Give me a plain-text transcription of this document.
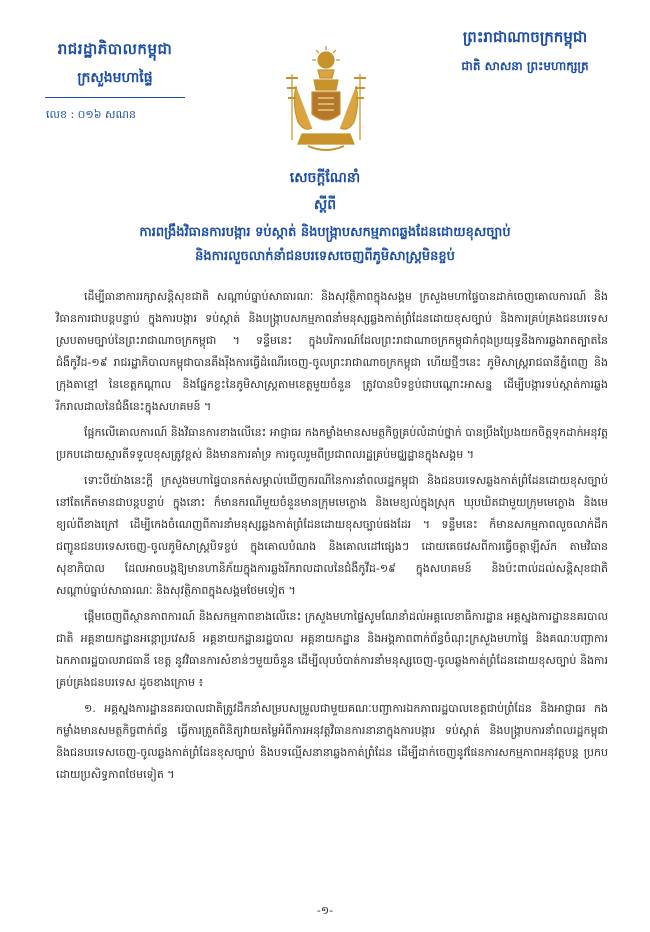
រាជរដ្ឋាភិបាលកម្ពុជា
ក្រសួងមហាផ្ទៃ
លេខ : ០១៦ សណន
ព្រះរាជាណាចក្រកម្ពុជា
ជាតិ សាសនា ព្រះមហាក្សត្រ
សេចក្តីណែនាំ
ស្តីពី
ការពង្រឹងវិធានការបង្ការ ទប់ស្កាត់ និងបង្ក្រាបសកម្មភាពឆ្លងដែនដោយខុសច្បាប់
និងការលួចលាក់នាំជនបរទេសចេញពីភូមិសាស្ត្រមិនខ្ចប់

ដើម្បីធានាការរក្សាសន្តិសុខជាតិ សណ្តាប់ធ្នាប់សាធារណៈ និងសុវត្ថិភាពក្នុងសង្គម ក្រសួងមហាផ្ទៃបានដាក់ចេញគោលការណ៍ និងវិធានការជាបន្តបន្ទាប់ ក្នុងការបង្ការ ទប់ស្កាត់ និងបង្ក្រាបសកម្មភាពនាំមនុស្សឆ្លងកាត់ព្រំដែនដោយខុសច្បាប់ និងការគ្រប់គ្រងជនបរទេស ស្របតាមច្បាប់នៃព្រះរាជាណាចក្រកម្ពុជា ។ ទន្ទឹមនេះ ក្នុងបរិការណ៍ដែលព្រះរាជាណាចក្រកម្ពុជាកំពុងប្រយុទ្ធនឹងការឆ្លងរាតត្បាតនៃជំងឺកូវីដ-១៩ រាជរដ្ឋាភិបាលកម្ពុជាបានតឹងរ៉ឹងការធ្វើដំណើរចេញ-ចូលព្រះរាជាណាចក្រកម្ពុជា ហើយថ្មីៗនេះ ភូមិសាស្ត្ររាជធានីភ្នំពេញ និងក្រុងតាខ្មៅ នៃខេត្តកណ្តាល និងផ្នែកខ្លះនៃភូមិសាស្ត្រតាមខេត្តមួយចំនួន ត្រូវបានបិទខ្ចប់ជាបណ្តោះអាសន្ន ដើម្បីបង្ការទប់ស្កាត់ការឆ្លងរីករាលដាលនៃជំងឺនេះក្នុងសហគមន៍ ។

ផ្អែកលើគោលការណ៍ និងវិធានការខាងលើនេះ អាជ្ញាធរ កងកម្លាំងមានសមត្ថកិច្ចគ្រប់លំដាប់ថ្នាក់ បានប្រឹងប្រែងយកចិត្តទុកដាក់អនុវត្តប្រកបដោយស្មារតីទទួលខុសត្រូវខ្ពស់ និងមានការគាំទ្រ ការចូលរួមពីប្រជាពលរដ្ឋគ្រប់មជ្ឈដ្ឋានក្នុងសង្គម ។

ទោះបីយ៉ាងនេះក្តី ក្រសួងមហាផ្ទៃបានកត់សម្គាល់ឃើញករណីនៃការនាំពលរដ្ឋកម្ពុជា និងជនបរទេសឆ្លងកាត់ព្រំដែនដោយខុសច្បាប់ នៅតែកើតមានជាបន្តបន្ទាប់ ក្នុងនោះ ក៏មានករណីមួយចំនួនមានក្រុមមេក្លោង និងមេខ្យល់ក្នុងស្រុក ឃុបឃិតជាមួយក្រុមមេក្លោង និងមេខ្យល់ពីខាងក្រៅ ដើម្បីកេងចំណេញពីការនាំមនុស្សឆ្លងកាត់ព្រំដែនដោយខុសច្បាប់ផងដែរ ។ ទន្ទឹមនេះ ក៏មានសកម្មភាពលួចលាក់ដឹកជញ្ជូនជនបរទេសចេញ-ចូលភូមិសាស្ត្របិទខ្ចប់ ក្នុងគោលបំណង និងគោលដៅផ្សេងៗ ដោយគេចវេសពីការធ្វើចត្តាឡីស័ក តាមវិធានសុខាភិបាល ដែលអាចបង្កឱ្យមានហានិភ័យក្នុងការឆ្លងរីករាលដាលនៃជំងឺកូវីដ-១៩ ក្នុងសហគមន៍ និងប៉ះពាល់ដល់សន្តិសុខជាតិ សណ្តាប់ធ្នាប់សាធារណៈ និងសុវត្ថិភាពក្នុងសង្គមថែមទៀត ។

ផ្តើមចេញពីស្ថានភាពការណ៍ និងសកម្មភាពខាងលើនេះ ក្រសួងមហាផ្ទៃសូមណែនាំដល់អគ្គលេខាធិការដ្ឋាន អគ្គស្នងការដ្ឋាននគរបាលជាតិ អគ្គនាយកដ្ឋានអន្តោប្រវេសន៍ អគ្គនាយកដ្ឋានរដ្ឋបាល អគ្គនាយកដ្ឋាន និងអង្គភាពពាក់ព័ន្ធចំណុះក្រសួងមហាផ្ទៃ និងគណៈបញ្ជាការឯកភាពរដ្ឋបាលរាជធានី ខេត្ត នូវវិធានការសំខាន់ៗមួយចំនួន ដើម្បីលុបបំបាត់ការនាំមនុស្សចេញ-ចូលឆ្លងកាត់ព្រំដែនដោយខុសច្បាប់ និងការគ្រប់គ្រងជនបរទេស ដូចខាងក្រោម ៖

១. អគ្គស្នងការដ្ឋាននគរបាលជាតិត្រូវដឹកនាំសម្របសម្រួលជាមួយគណៈបញ្ជាការឯកភាពរដ្ឋបាលខេត្តជាប់ព្រំដែន និងអាជ្ញាធរ កងកម្លាំងមានសមត្ថកិច្ចពាក់ព័ន្ធ ធ្វើការត្រួតពិនិត្យវាយតម្លៃអំពីការអនុវត្តវិធានការនានាក្នុងការបង្ការ ទប់ស្កាត់ និងបង្ក្រាបការនាំពលរដ្ឋកម្ពុជា និងជនបរទេសចេញ-ចូលឆ្លងកាត់ព្រំដែនខុសច្បាប់ និងបទល្មើសនានាឆ្លងកាត់ព្រំដែន ដើម្បីដាក់ចេញនូវផែនការសកម្មភាពអនុវត្តបន្ត ប្រកបដោយប្រសិទ្ធភាពថែមទៀត ។

-១-
